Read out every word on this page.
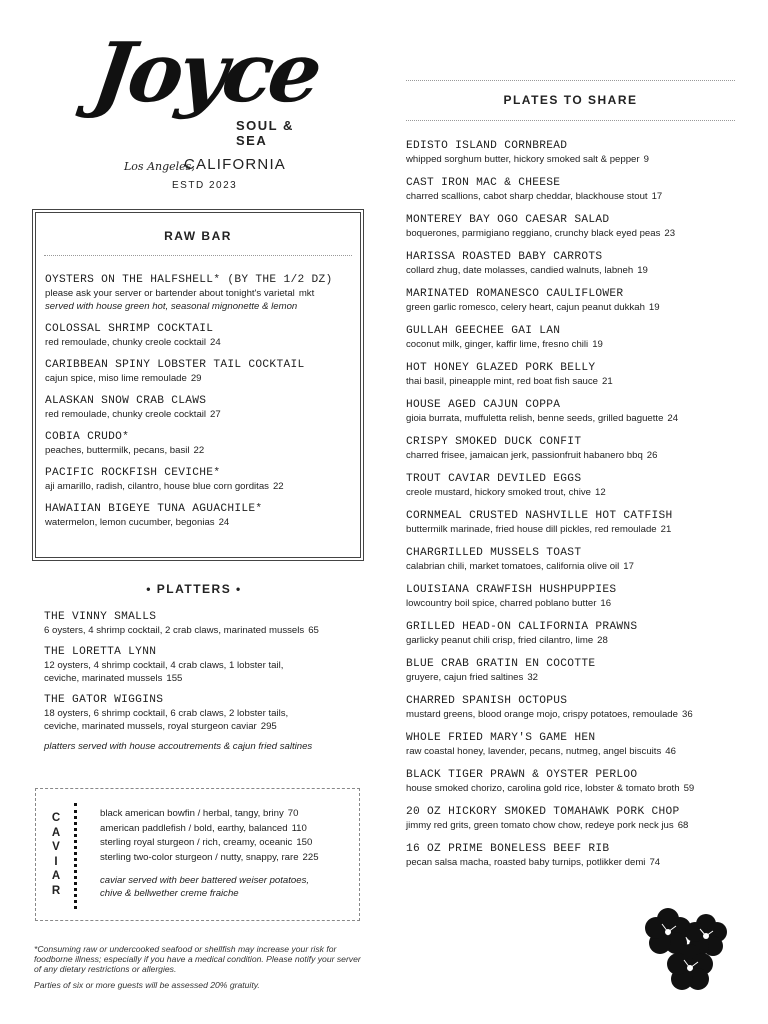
Joyce
SOUL & SEA
Los Angeles,
CALIFORNIA
ESTD 2023
RAW BAR
OYSTERS ON THE HALFSHELL* (BY THE 1/2 DZ)
please ask your server or bartender about tonight's varietal mkt
served with house green hot, seasonal mignonette & lemon
COLOSSAL SHRIMP COCKTAIL
red remoulade, chunky creole cocktail 24
CARIBBEAN SPINY LOBSTER TAIL COCKTAIL
cajun spice, miso lime remoulade 29
ALASKAN SNOW CRAB CLAWS
red remoulade, chunky creole cocktail 27
COBIA CRUDO*
peaches, buttermilk, pecans, basil 22
PACIFIC ROCKFISH CEVICHE*
aji amarillo, radish, cilantro, house blue corn gorditas 22
HAWAIIAN BIGEYE TUNA AGUACHILE*
watermelon, lemon cucumber, begonias 24
• PLATTERS •
THE VINNY SMALLS
6 oysters, 4 shrimp cocktail, 2 crab claws, marinated mussels 65
THE LORETTA LYNN
12 oysters, 4 shrimp cocktail, 4 crab claws, 1 lobster tail,
ceviche, marinated mussels 155
THE GATOR WIGGINS
18 oysters, 6 shrimp cocktail, 6 crab claws, 2 lobster tails,
ceviche, marinated mussels, royal sturgeon caviar 295
platters served with house accoutrements & cajun fried saltines
C
A
V
I
A
R
black american bowfin / herbal, tangy, briny 70
american paddlefish / bold, earthy, balanced 110
sterling royal sturgeon / rich, creamy, oceanic 150
sterling two-color sturgeon / nutty, snappy, rare 225
caviar served with beer battered weiser potatoes,
chive & bellwether creme fraiche
*Consuming raw or undercooked seafood or shellfish may increase your risk for foodborne illness; especially if you have a medical condition. Please notify your server of any dietary restrictions or allergies.
Parties of six or more guests will be assessed 20% gratuity.
PLATES TO SHARE
EDISTO ISLAND CORNBREAD
whipped sorghum butter, hickory smoked salt & pepper 9
CAST IRON MAC & CHEESE
charred scallions, cabot sharp cheddar, blackhouse stout 17
MONTEREY BAY OGO CAESAR SALAD
boquerones, parmigiano reggiano, crunchy black eyed peas 23
HARISSA ROASTED BABY CARROTS
collard zhug, date molasses, candied walnuts, labneh 19
MARINATED ROMANESCO CAULIFLOWER
green garlic romesco, celery heart, cajun peanut dukkah 19
GULLAH GEECHEE GAI LAN
coconut milk, ginger, kaffir lime, fresno chili 19
HOT HONEY GLAZED PORK BELLY
thai basil, pineapple mint, red boat fish sauce 21
HOUSE AGED CAJUN COPPA
gioia burrata, muffuletta relish, benne seeds, grilled baguette 24
CRISPY SMOKED DUCK CONFIT
charred frisee, jamaican jerk, passionfruit habanero bbq 26
TROUT CAVIAR DEVILED EGGS
creole mustard, hickory smoked trout, chive 12
CORNMEAL CRUSTED NASHVILLE HOT CATFISH
buttermilk marinade, fried house dill pickles, red remoulade 21
CHARGRILLED MUSSELS TOAST
calabrian chili, market tomatoes, california olive oil 17
LOUISIANA CRAWFISH HUSHPUPPIES
lowcountry boil spice, charred poblano butter 16
GRILLED HEAD-ON CALIFORNIA PRAWNS
garlicky peanut chili crisp, fried cilantro, lime 28
BLUE CRAB GRATIN EN COCOTTE
gruyere, cajun fried saltines 32
CHARRED SPANISH OCTOPUS
mustard greens, blood orange mojo, crispy potatoes, remoulade 36
WHOLE FRIED MARY'S GAME HEN
raw coastal honey, lavender, pecans, nutmeg, angel biscuits 46
BLACK TIGER PRAWN & OYSTER PERLOO
house smoked chorizo, carolina gold rice, lobster & tomato broth 59
20 OZ HICKORY SMOKED TOMAHAWK PORK CHOP
jimmy red grits, green tomato chow chow, redeye pork neck jus 68
16 OZ PRIME BONELESS BEEF RIB
pecan salsa macha, roasted baby turnips, potlikker demi 74
